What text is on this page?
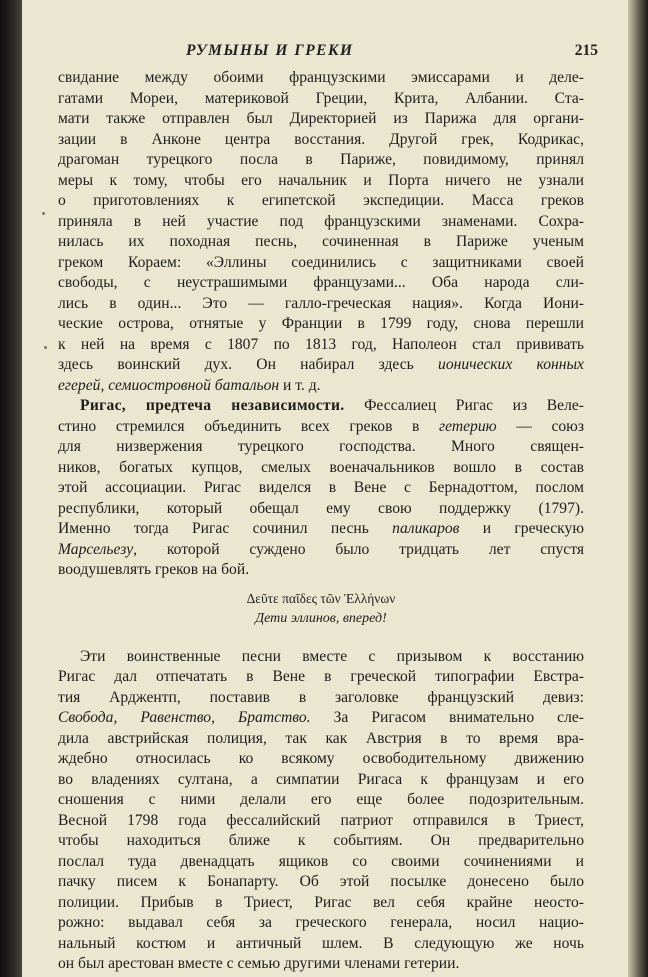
РУМЫНЫ И ГРЕКИ	215
свидание между обоими французскими эмиссарами и деле-
гатами Мореи, материковой Греции, Крита, Албании. Ста-
мати также отправлен был Директорией из Парижа для органи-
зации в Анконе центра восстания. Другой грек, Кодрикас,
драгоман турецкого посла в Париже, повидимому, принял
меры к тому, чтобы его начальник и Порта ничего не узнали
о приготовлениях к египетской экспедиции. Масса греков
приняла в ней участие под французскими знаменами. Сохра-
нилась их походная песнь, сочиненная в Париже ученым
греком Кораем: «Эллины соединились с защитниками своей
свободы, с неустрашимыми французами... Оба народа сли-
лись в один... Это — галло-греческая нация». Когда Иони-
ческие острова, отнятые у Франции в 1799 году, снова перешли
к ней на время с 1807 по 1813 год, Наполеон стал прививать
здесь воинский дух. Он набирал здесь ионических конных
егерей, семиостровной батальон и т. д.
Ригас, предтеча независимости. Фессалиец Ригас из Веле-
стино стремился объединить всех греков в гетерию — союз
для низвержения турецкого господства. Много священ-
ников, богатых купцов, смелых военачальников вошло в состав
этой ассоциации. Ригас виделся в Вене с Бернадоттом, послом
республики, который обещал ему свою поддержку (1797).
Именно тогда Ригас сочинил песнь паликаров и греческую
Марсельезу, которой суждено было тридцать лет спустя
воодушевлять греков на бой.
Δεῦτε παῖδες τῶν Ἑλλήνων
Дети эллинов, вперед!
Эти воинственные песни вместе с призывом к восстанию
Ригас дал отпечатать в Вене в греческой типографии Евстра-
тия Арджентп, поставив в заголовке французский девиз:
Свобода, Равенство, Братство. За Ригасом внимательно сле-
дила австрийская полиция, так как Австрия в то время вра-
ждебно относилась ко всякому освободительному движению
во владениях султана, а симпатии Ригаса к французам и его
сношения с ними делали его еще более подозрительным.
Весной 1798 года фессалийский патриот отправился в Триест,
чтобы находиться ближе к событиям. Он предварительно
послал туда двенадцать ящиков со своими сочинениями и
пачку писем к Бонапарту. Об этой посылке донесено было
полиции. Прибыв в Триест, Ригас вел себя крайне неосто-
рожно: выдавал себя за греческого генерала, носил нацио-
нальный костюм и античный шлем. В следующую же ночь
он был арестован вместе с семью другими членами гетерии.
